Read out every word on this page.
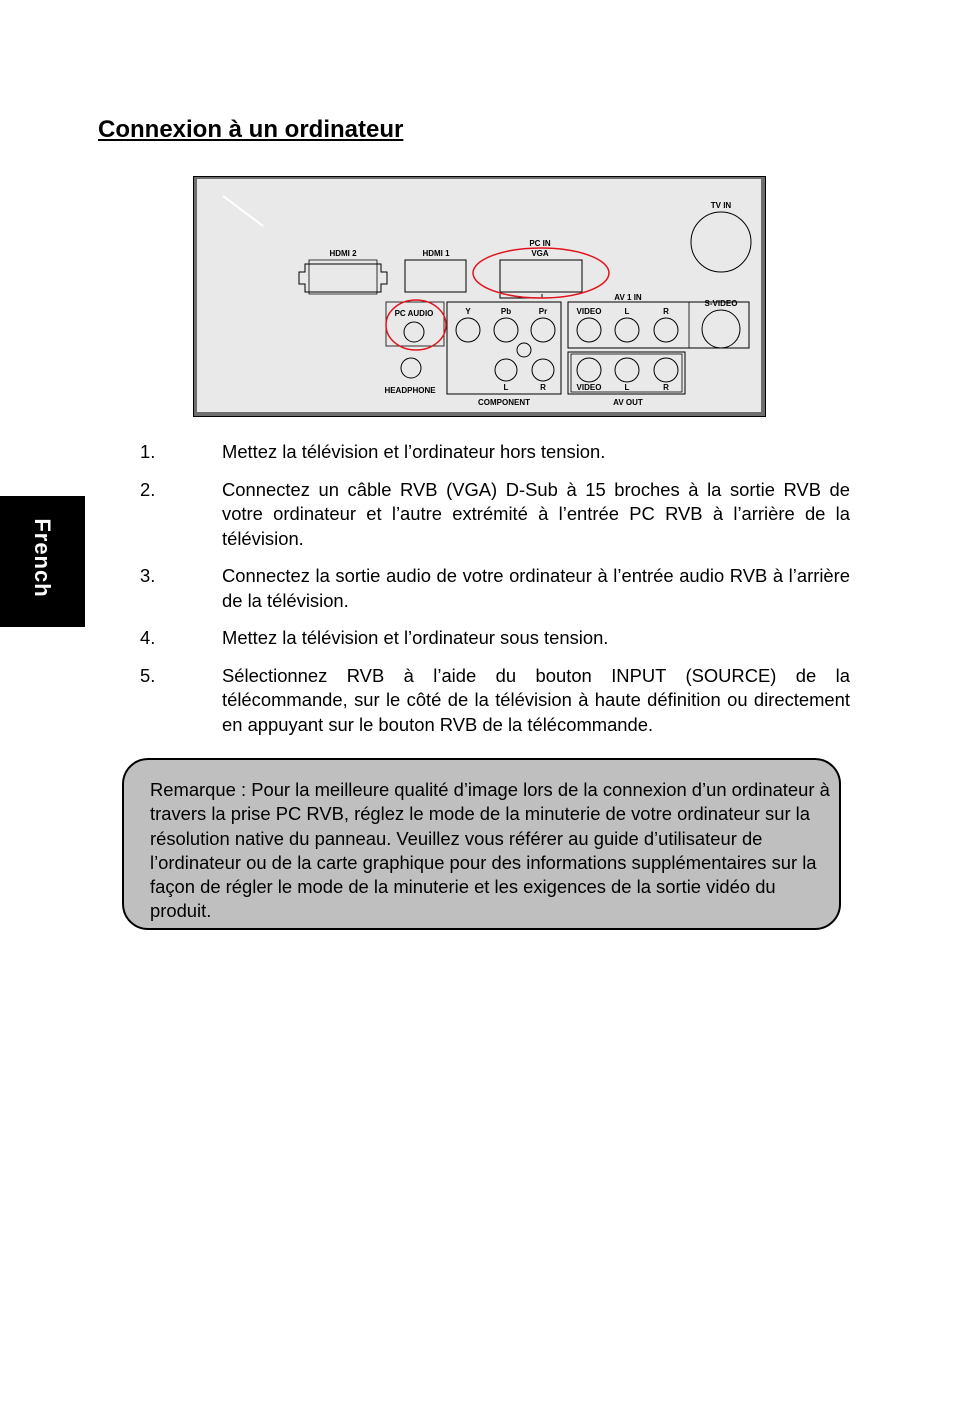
Connexion à un ordinateur
French
HDMI 2	HDMI 1
PC IN
VGA
TV IN
PC AUDIO
HEADPHONE
Y	Pb	Pr
L	R
COMPONENT
AV 1 IN
VIDEO	L	R
S-VIDEO
VIDEO	L	R
AV OUT
1.	Mettez la télévision et l’ordinateur hors tension.
2.	Connectez un câble RVB (VGA) D-Sub à 15 broches à la sortie RVB de votre ordinateur et l’autre extrémité à l’entrée PC RVB à l’arrière de la télévision.
3.	Connectez la sortie audio de votre ordinateur à l’entrée audio RVB à l’arrière de la télévision.
4.	Mettez la télévision et l’ordinateur sous tension.
5.	Sélectionnez RVB à l’aide du bouton INPUT (SOURCE) de la télécommande, sur le côté de la télévision à haute définition ou directement en appuyant sur le bouton RVB de la télécommande.

Remarque : Pour la meilleure qualité d’image lors de la connexion d’un ordinateur à travers la prise PC RVB, réglez le mode de la minuterie de votre ordinateur sur la résolution native du panneau. Veuillez vous référer au guide d’utilisateur de l’ordinateur ou de la carte graphique pour des informations supplémentaires sur la façon de régler le mode de la minuterie et les exigences de la sortie vidéo du produit.
